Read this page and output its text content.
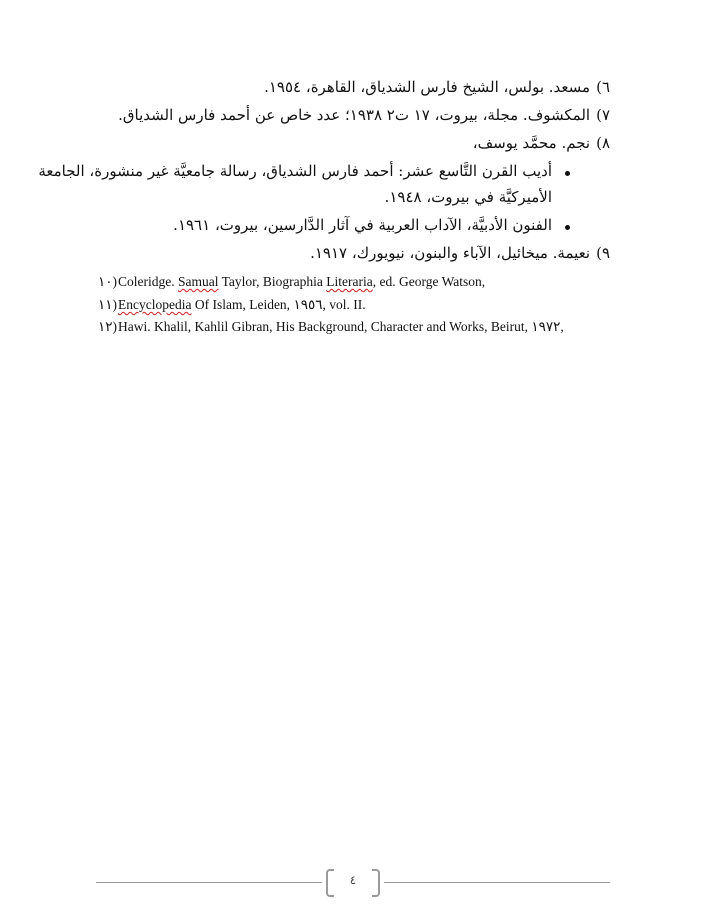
٦)مسعد. بولس، الشيخ فارس الشدياق، القاهرة، ١٩٥٤.
٧)المكشوف. مجلة، بيروت، ١٧ ت٢ ١٩٣٨؛ عدد خاص عن أحمد فارس الشدياق.
٨)نجم. محمَّد يوسف،
أديب القرن التَّاسع عشر: أحمد فارس الشدياق، رسالة جامعيَّة غير منشورة، الجامعة
الأميركيَّة في بيروت، ١٩٤٨.
الفنون الأدبيَّة، الآداب العربية في آثار الدَّارسين، بيروت، ١٩٦١.
٩)نعيمة. ميخائيل، الآباء والبنون، نيويورك، ١٩١٧.
١٠)Coleridge. Samual Taylor, Biographia Literaria, ed. George Watson,
١١)Encyclopedia Of Islam, Leiden, ١٩٥٦, vol. II.
١٢)Hawi. Khalil, Kahlil Gibran, His Background, Character and Works, Beirut, ١٩٧٢,
٤
